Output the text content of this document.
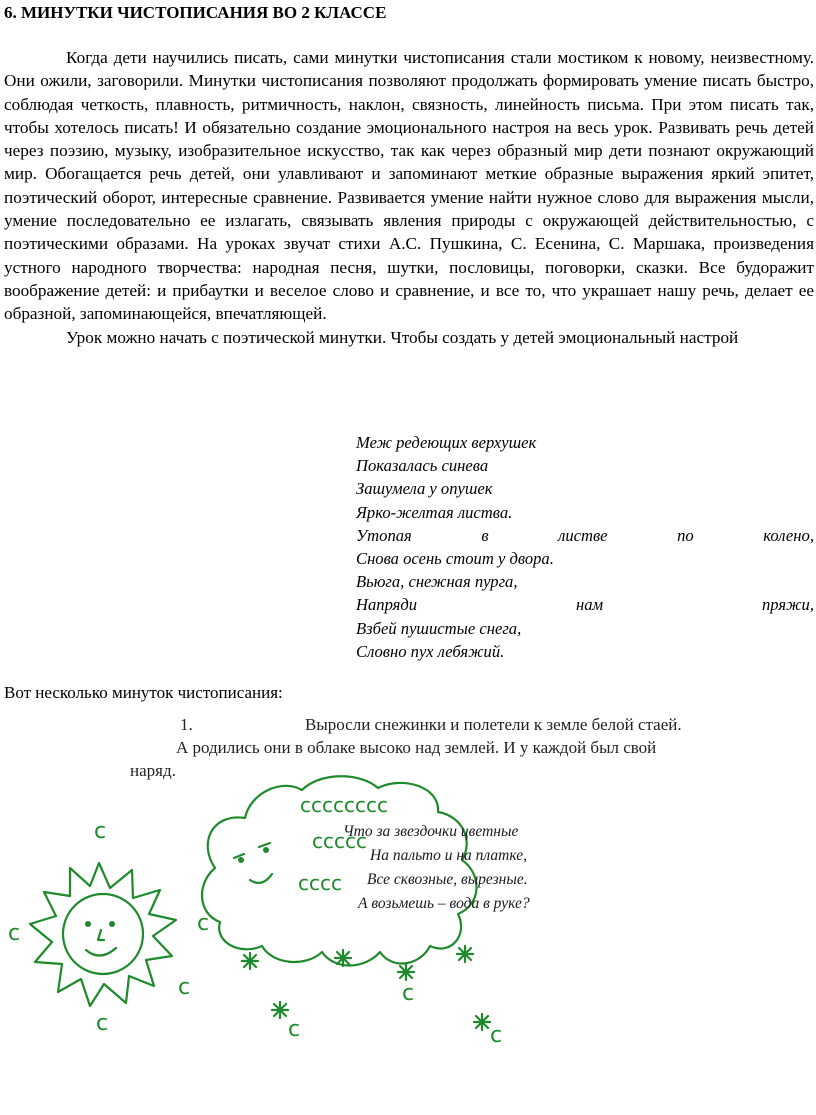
6. МИНУТКИ ЧИСТОПИСАНИЯ ВО 2 КЛАССЕ

Когда дети научились писать, сами минутки чистописания стали мостиком к новому, неизвестному. Они ожили, заговорили. Минутки чистописания позволяют продолжать формировать умение писать быстро, соблюдая четкость, плавность, ритмичность, наклон, связность, линейность письма. При этом писать так, чтобы хотелось писать! И обязательно создание эмоционального настроя на весь урок. Развивать речь детей через поэзию, музыку, изобразительное искусство, так как через образный мир дети познают окружающий мир. Обогащается речь детей, они улавливают и запоминают меткие образные выражения яркий эпитет, поэтический оборот, интересные сравнение. Развивается умение найти нужное слово для выражения мысли, умение последовательно ее излагать, связывать явления природы с окружающей действительностью, с поэтическими образами. На уроках звучат стихи А.С. Пушкина, С. Есенина, С. Маршака, произведения устного народного творчества: народная песня, шутки, пословицы, поговорки, сказки. Все будоражит воображение детей: и прибаутки и веселое слово и сравнение, и все то, что украшает нашу речь, делает ее образной, запоминающейся, впечатляющей.

Урок можно начать с поэтической минутки. Чтобы создать у детей эмоциональный настрой

Меж редеющих верхушек
Показалась синева
Зашумела у опушек
Ярко-желтая листва.
Утопая	в	листве	по	колено,
Снова осень стоит у двора.
Вьюга, снежная пурга,
Напряди	нам	пряжи,
Взбей пушистые снега,
Словно пух лебяжий.
Вот несколько минуток чистописания:
1.	Выросли снежинки и полетели к земле белой стаей.
А родились они в облаке высоко над землей. И у каждой был свой
наряд.
cccccccc
ccccc
cccc
Что за звездочки цветные
На пальто и на платке,
Все сквозные, вырезные.
А возьмешь – вода в руке?
c
c	c
c
c
c
c	c
